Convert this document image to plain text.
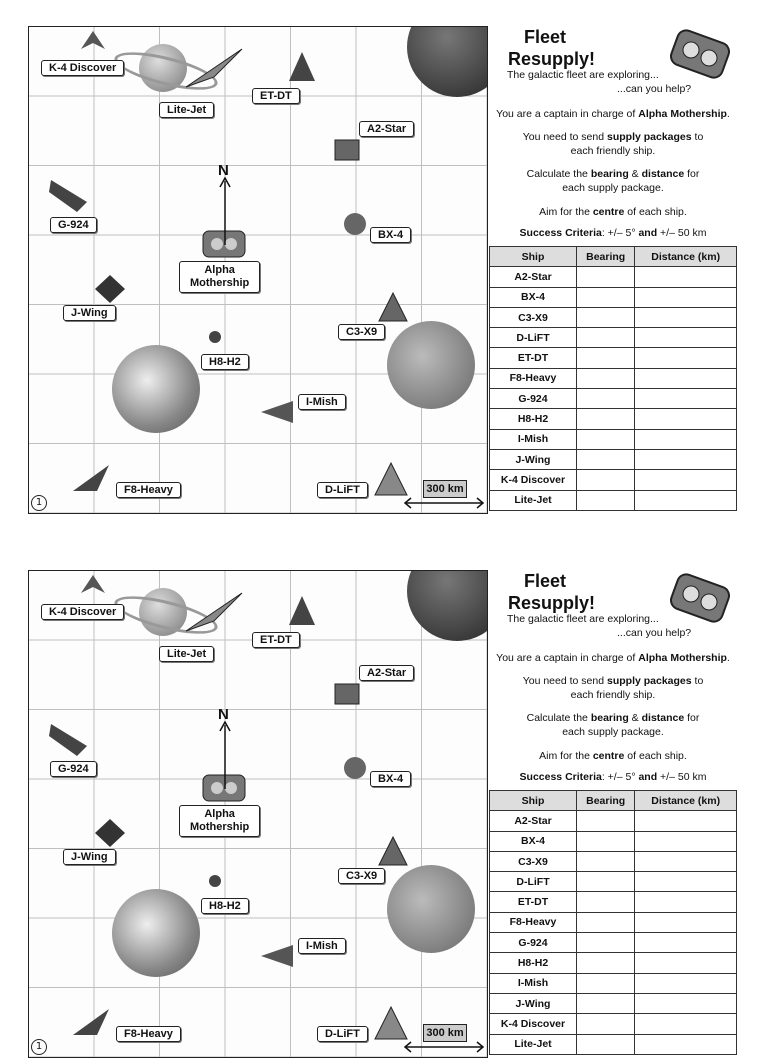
N
K-4 Discover
Lite-Jet
ET-DT
A2-Star
G-924
BX-4
Alpha
Mothership
J-Wing
C3-X9
H8-H2
I-Mish
F8-Heavy	D-LiFT	300 km
1
Fleet
Resupply!
The galactic fleet are exploring...
...can you help?
You are a captain in charge of Alpha Mothership.
You need to send supply packages to each friendly ship.
Calculate the bearing & distance for each supply package.
Aim for the centre of each ship.
Success Criteria: +/– 5° and +/– 50 km
Ship	Bearing	Distance (km)
A2-Star		
BX-4		
C3-X9		
D-LiFT		
ET-DT		
F8-Heavy		
G-924		
H8-H2		
I-Mish		
J-Wing		
K-4 Discover		
Lite-Jet		
N
K-4 Discover
Lite-Jet
ET-DT
A2-Star
G-924
BX-4
Alpha
Mothership
J-Wing
C3-X9
H8-H2
I-Mish
F8-Heavy	D-LiFT	300 km
1
Fleet
Resupply!
The galactic fleet are exploring...
...can you help?
You are a captain in charge of Alpha Mothership.
You need to send supply packages to each friendly ship.
Calculate the bearing & distance for each supply package.
Aim for the centre of each ship.
Success Criteria: +/– 5° and +/– 50 km
Ship	Bearing	Distance (km)
A2-Star		
BX-4		
C3-X9		
D-LiFT		
ET-DT		
F8-Heavy		
G-924		
H8-H2		
I-Mish		
J-Wing		
K-4 Discover		
Lite-Jet		
